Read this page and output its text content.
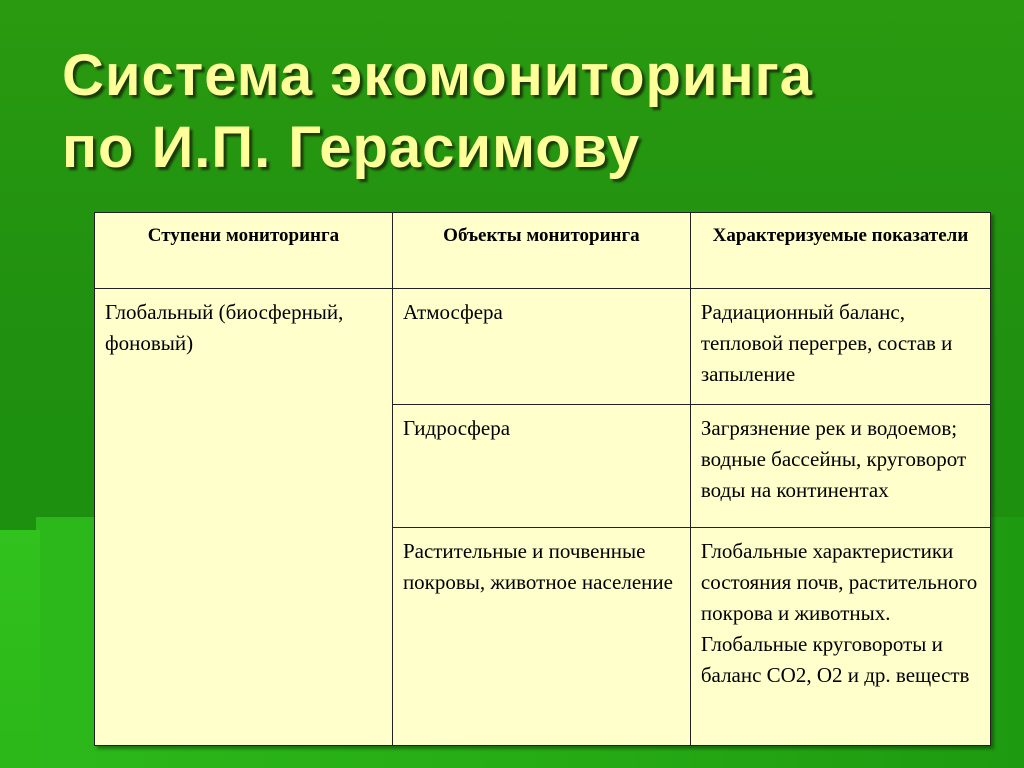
Система экомониторинга
по И.П. Герасимову
Ступени мониторинга	Объекты мониторинга	Характеризуемые показатели
Глобальный (биосферный, фоновый)	Атмосфера	Радиационный баланс, тепловой перегрев, состав и запыление
	Гидросфера	Загрязнение рек и водоемов; водные бассейны, круговорот воды на континентах
	Растительные и почвенные покровы, животное население	Глобальные характеристики состояния почв, растительного покрова и животных. Глобальные круговороты и баланс СО2, О2 и др. веществ
